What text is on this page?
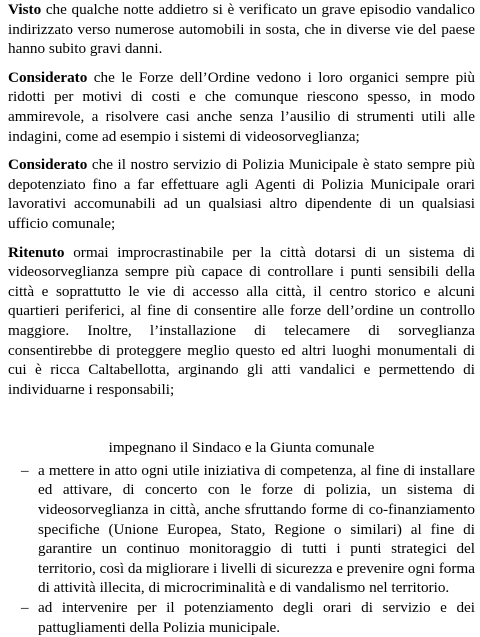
Visto che qualche notte addietro si è verificato un grave episodio vandalico indirizzato verso numerose automobili in sosta, che in diverse vie del paese hanno subito gravi danni.

Considerato che le Forze dell’Ordine vedono i loro organici sempre più ridotti per motivi di costi e che comunque riescono spesso, in modo ammirevole, a risolvere casi anche senza l’ausilio di strumenti utili alle indagini, come ad esempio i sistemi di videosorveglianza;

Considerato che il nostro servizio di Polizia Municipale è stato sempre più depotenziato fino a far effettuare agli Agenti di Polizia Municipale orari lavorativi accomunabili ad un qualsiasi altro dipendente di un qualsiasi ufficio comunale;

Ritenuto ormai improcrastinabile per la città dotarsi di un sistema di videosorveglianza sempre più capace di controllare i punti sensibili della città e soprattutto le vie di accesso alla città, il centro storico e alcuni quartieri periferici, al fine di consentire alle forze dell’ordine un controllo maggiore. Inoltre, l’installazione di telecamere di sorveglianza consentirebbe di proteggere meglio questo ed altri luoghi monumentali di cui è ricca Caltabellotta, arginando gli atti vandalici e permettendo di individuarne i responsabili;

impegnano il Sindaco e la Giunta comunale
– a mettere in atto ogni utile iniziativa di competenza, al fine di installare ed attivare, di concerto con le forze di polizia, un sistema di videosorveglianza in città, anche sfruttando forme di co-finanziamento specifiche (Unione Europea, Stato, Regione o similari) al fine di garantire un continuo monitoraggio di tutti i punti strategici del territorio, così da migliorare i livelli di sicurezza e prevenire ogni forma di attività illecita, di microcriminalità e di vandalismo nel territorio.
– ad intervenire per il potenziamento degli orari di servizio e dei pattugliamenti della Polizia municipale.
